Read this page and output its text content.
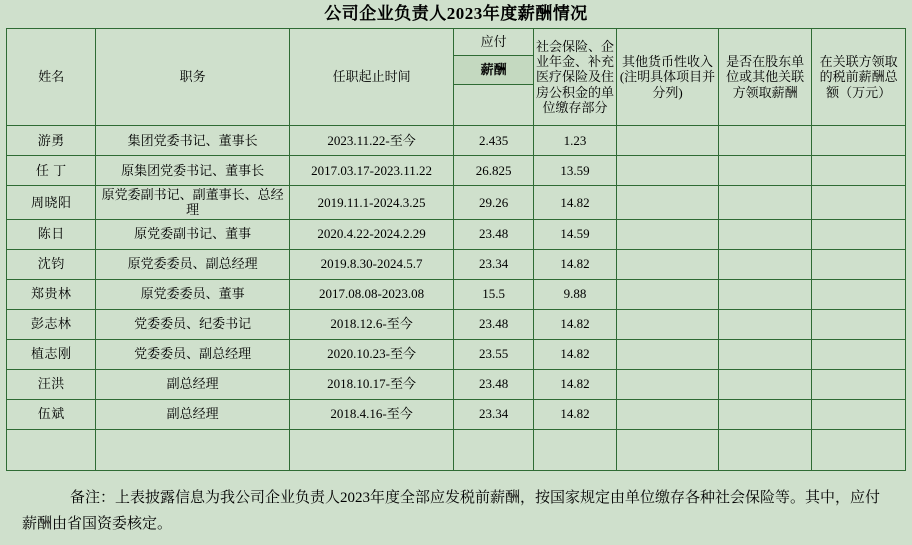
公司企业负责人2023年度薪酬情况
姓名	职务	任职起止时间	应付	社会保险、企业年金、补充医疗保险及住房公积金的单位缴存部分	其他货币性收入(注明具体项目并分列)	是否在股东单位或其他关联方领取薪酬	在关联方领取的税前薪酬总额（万元）
			薪酬				

游勇	集团党委书记、董事长	2023.11.22-至今	2.435	1.23			
任 丁	原集团党委书记、董事长	2017.03.17-2023.11.22	26.825	13.59			
周晓阳	原党委副书记、副董事长、总经理	2019.11.1-2024.3.25	29.26	14.82			
陈日	原党委副书记、董事	2020.4.22-2024.2.29	23.48	14.59			
沈钧	原党委委员、副总经理	2019.8.30-2024.5.7	23.34	14.82			
郑贵林	原党委委员、董事	2017.08.08-2023.08	15.5	9.88			
彭志林	党委委员、纪委书记	2018.12.6-至今	23.48	14.82			
植志刚	党委委员、副总经理	2020.10.23-至今	23.55	14.82			
汪洪	副总经理	2018.10.17-至今	23.48	14.82			
伍斌	副总经理	2018.4.16-至今	23.34	14.82			

备注：上表披露信息为我公司企业负责人2023年度全部应发税前薪酬，按国家规定由单位缴存各种社会保险等。其中，应付薪酬由省国资委核定。
